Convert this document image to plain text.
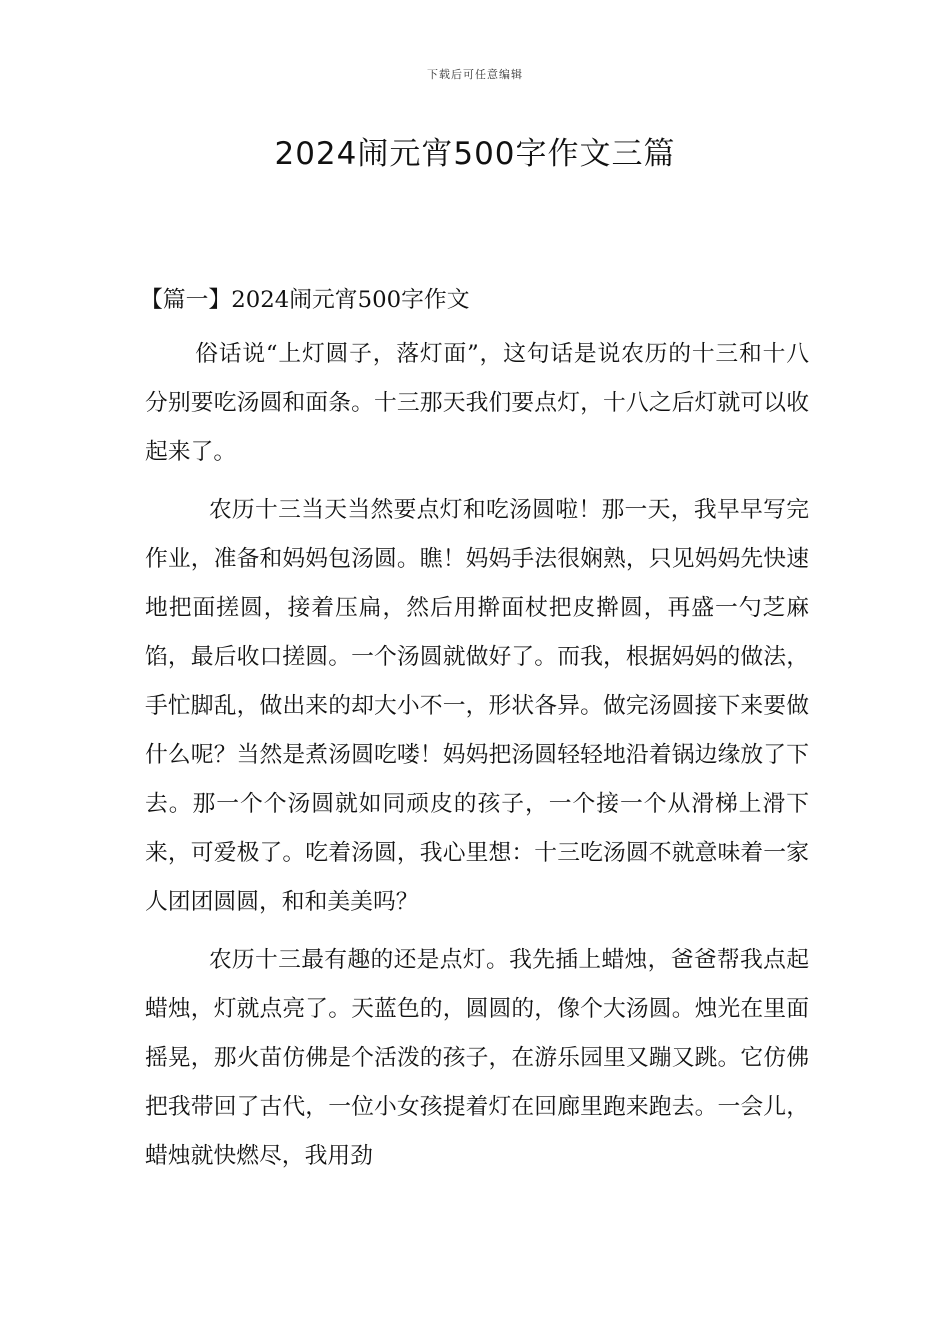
下载后可任意编辑
2024闹元宵500字作文三篇
【篇一】2024闹元宵500字作文

俗话说“上灯圆子，落灯面”，这句话是说农历的十三和十八分别要吃汤圆和面条。十三那天我们要点灯，十八之后灯就可以收起来了。

农历十三当天当然要点灯和吃汤圆啦！那一天，我早早写完作业，准备和妈妈包汤圆。瞧！妈妈手法很娴熟，只见妈妈先快速地把面搓圆，接着压扁，然后用擀面杖把皮擀圆，再盛一勺芝麻馅，最后收口搓圆。一个汤圆就做好了。而我，根据妈妈的做法，手忙脚乱，做出来的却大小不一，形状各异。做完汤圆接下来要做什么呢？当然是煮汤圆吃喽！妈妈把汤圆轻轻地沿着锅边缘放了下去。那一个个汤圆就如同顽皮的孩子，一个接一个从滑梯上滑下来，可爱极了。吃着汤圆，我心里想：十三吃汤圆不就意味着一家人团团圆圆，和和美美吗？

农历十三最有趣的还是点灯。我先插上蜡烛，爸爸帮我点起蜡烛，灯就点亮了。天蓝色的，圆圆的，像个大汤圆。烛光在里面摇晃，那火苗仿佛是个活泼的孩子，在游乐园里又蹦又跳。它仿佛把我带回了古代，一位小女孩提着灯在回廊里跑来跑去。一会儿，蜡烛就快燃尽，我用劲
